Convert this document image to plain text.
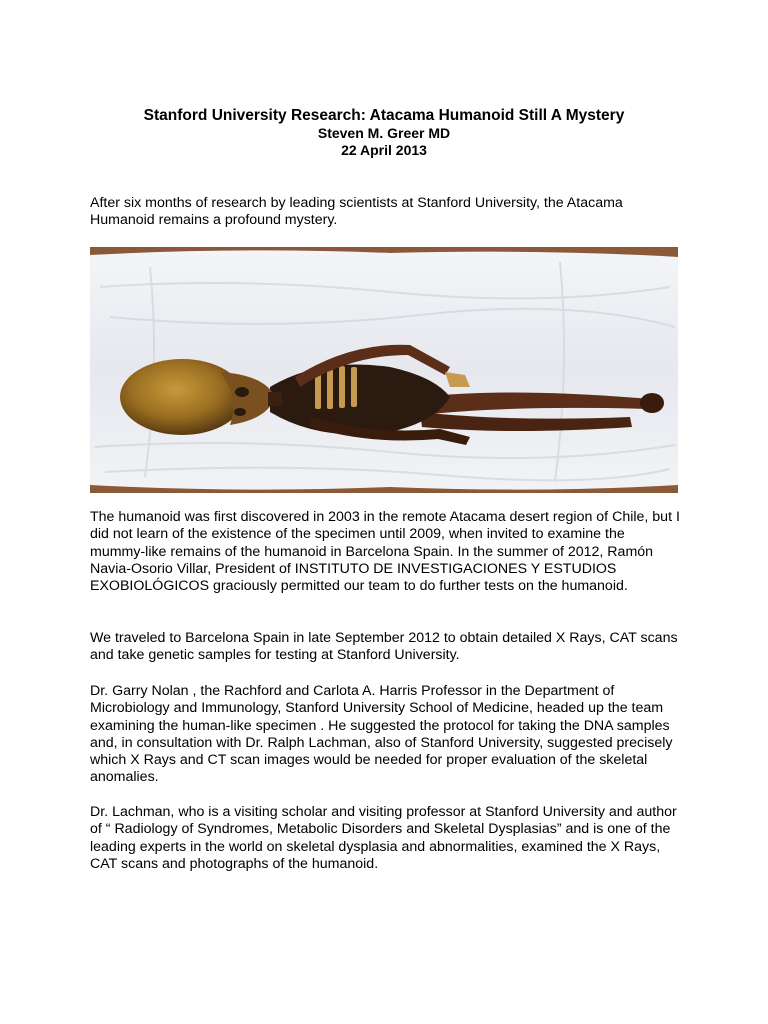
Stanford University Research: Atacama Humanoid Still A Mystery
Steven M. Greer MD
22 April 2013

After six months of research by leading scientists at Stanford University, the Atacama Humanoid remains a profound mystery.

The humanoid was first discovered in 2003 in the remote Atacama desert region of Chile, but I did not learn of the existence of the specimen until 2009, when invited to examine the mummy-like remains of the humanoid in Barcelona Spain. In the summer of 2012, Ramón Navia-Osorio Villar, President of INSTITUTO DE INVESTIGACIONES Y ESTUDIOS EXOBIOLÓGICOS graciously permitted our team to do further tests on the humanoid.

We traveled to Barcelona Spain in late September 2012 to obtain detailed X Rays, CAT scans and take genetic samples for testing at Stanford University.

Dr. Garry Nolan , the Rachford and Carlota A. Harris Professor in the Department of Microbiology and Immunology, Stanford University School of Medicine, headed up the team examining the human-like specimen . He suggested the protocol for taking the DNA samples and, in consultation with Dr. Ralph Lachman, also of Stanford University, suggested precisely which X Rays and CT scan images would be needed for proper evaluation of the skeletal anomalies.

Dr. Lachman, who is a visiting scholar and visiting professor at Stanford University and author of “ Radiology of Syndromes, Metabolic Disorders and Skeletal Dysplasias” and is one of the leading experts in the world on skeletal dysplasia and abnormalities, examined the X Rays, CAT scans and photographs of the humanoid.
